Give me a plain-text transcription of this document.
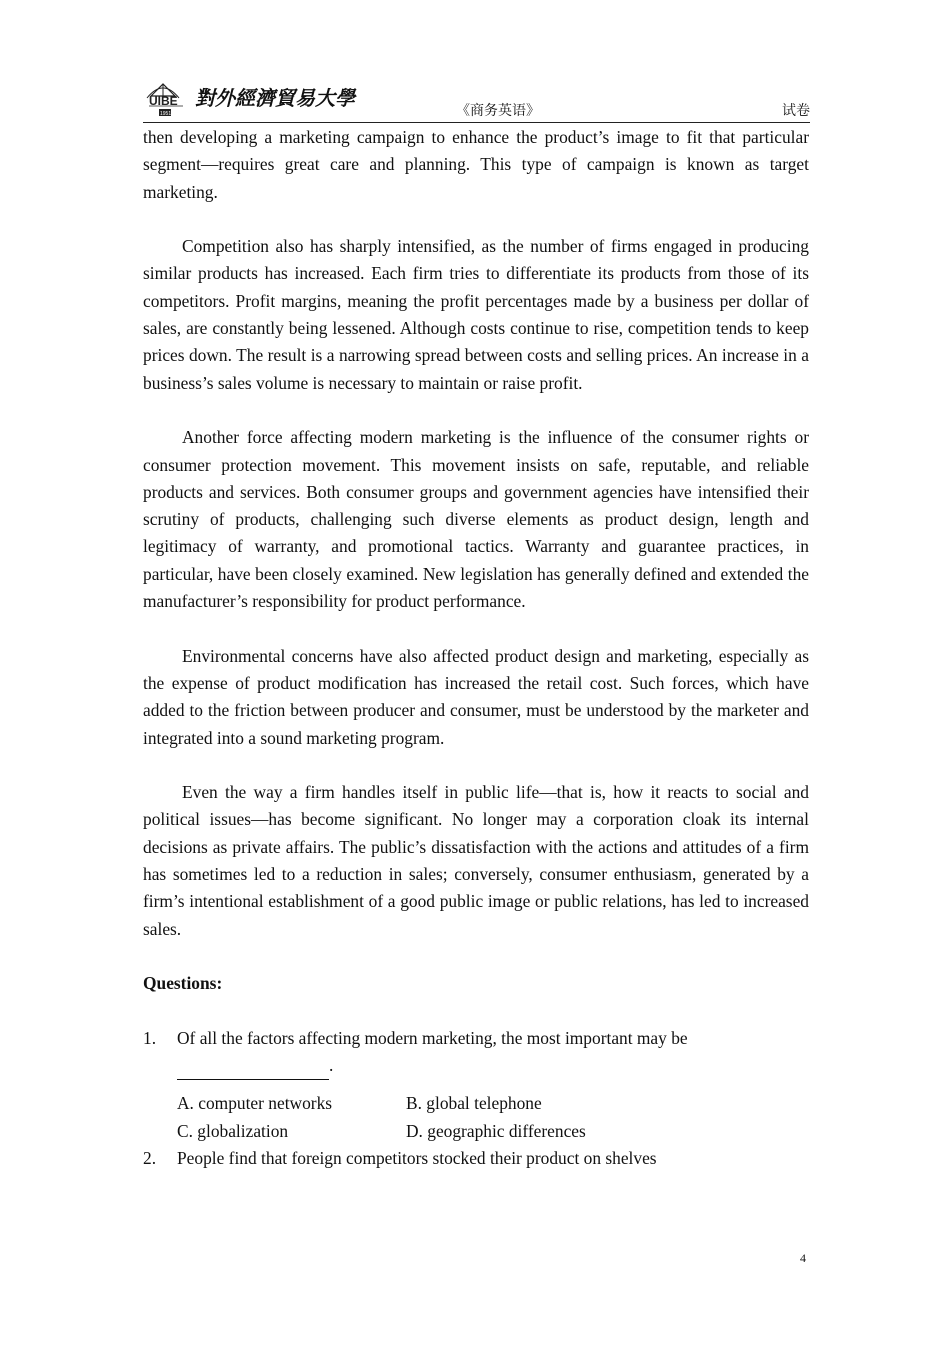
UIBE
1951
對外經濟貿易大學
《商务英语》	试卷

then developing a marketing campaign to enhance the product’s image to fit that particular segment—requires great care and planning. This type of campaign is known as target marketing.

Competition also has sharply intensified, as the number of firms engaged in producing similar products has increased. Each firm tries to differentiate its products from those of its competitors. Profit margins, meaning the profit percentages made by a business per dollar of sales, are constantly being lessened. Although costs continue to rise, competition tends to keep prices down. The result is a narrowing spread between costs and selling prices. An increase in a business’s sales volume is necessary to maintain or raise profit.

Another force affecting modern marketing is the influence of the consumer rights or consumer protection movement. This movement insists on safe, reputable, and reliable products and services. Both consumer groups and government agencies have intensified their scrutiny of products, challenging such diverse elements as product design, length and legitimacy of warranty, and promotional tactics. Warranty and guarantee practices, in particular, have been closely examined. New legislation has generally defined and extended the manufacturer’s responsibility for product performance.

Environmental concerns have also affected product design and marketing, especially as the expense of product modification has increased the retail cost. Such forces, which have added to the friction between producer and consumer, must be understood by the marketer and integrated into a sound marketing program.

Even the way a firm handles itself in public life—that is, how it reacts to social and political issues—has become significant. No longer may a corporation cloak its internal decisions as private affairs. The public’s dissatisfaction with the actions and attitudes of a firm has sometimes led to a reduction in sales; conversely, consumer enthusiasm, generated by a firm’s intentional establishment of a good public image or public relations, has led to increased sales.

Questions:

1. Of all the factors affecting modern marketing, the most important may be
.
A. computer networks	B. global telephone
C. globalization	D. geographic differences
2. People find that foreign competitors stocked their product on shelves
4
